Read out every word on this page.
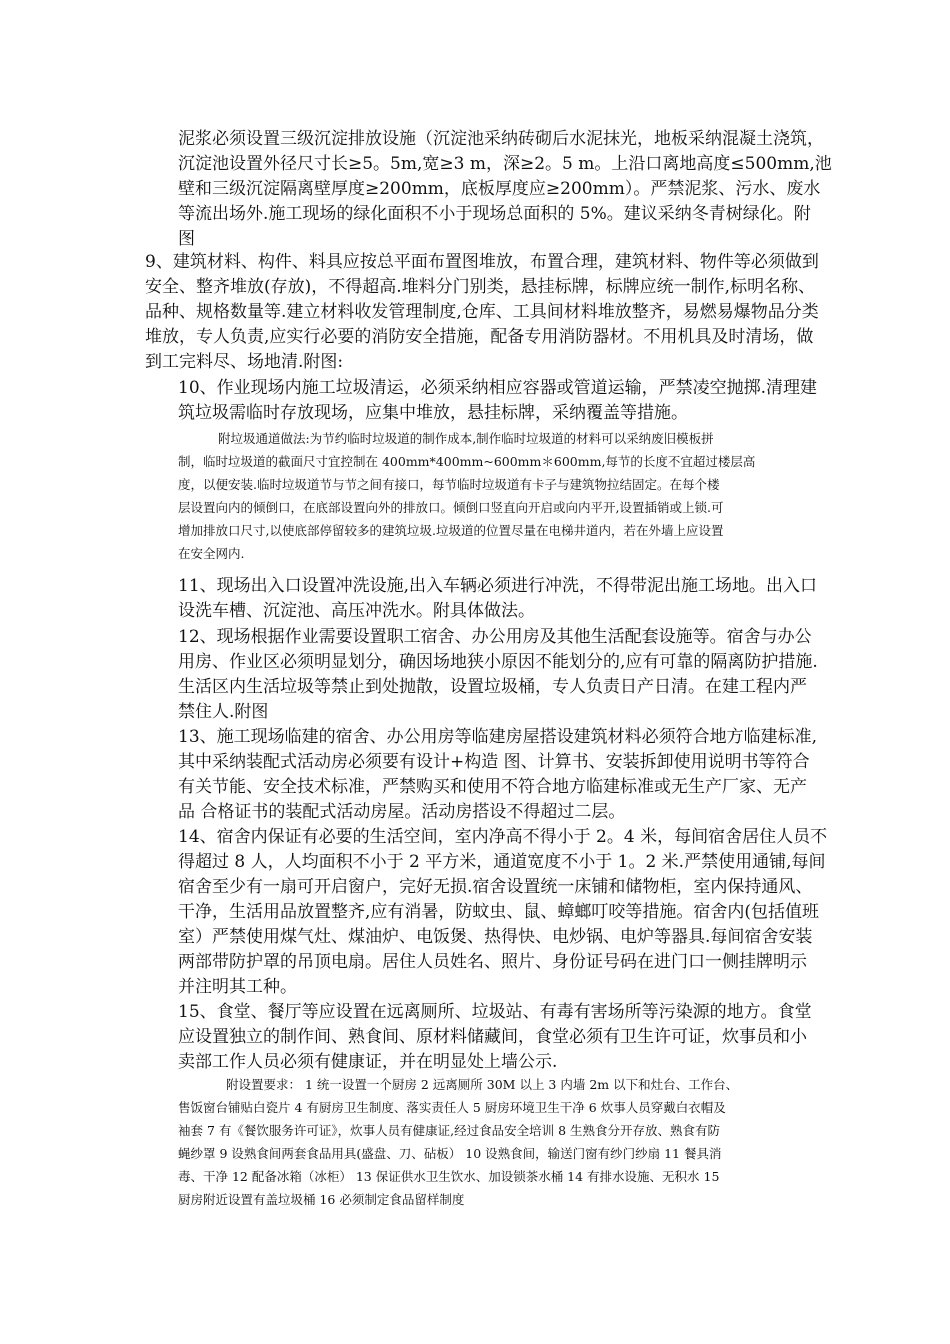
泥浆必须设置三级沉淀排放设施（沉淀池采纳砖砌后水泥抹光，地板采纳混凝土浇筑，
沉淀池设置外径尺寸长≥5。5m,宽≥3 m，深≥2。5 m。上沿口离地高度≤500mm,池
壁和三级沉淀隔离壁厚度≥200mm，底板厚度应≥200mm）。严禁泥浆、污水、废水
等流出场外.施工现场的绿化面积不小于现场总面积的 5%。建议采纳冬青树绿化。附
图
9、建筑材料、构件、料具应按总平面布置图堆放，布置合理，建筑材料、物件等必须做到
安全、整齐堆放(存放)，不得超高.堆料分门别类，悬挂标牌，标牌应统一制作,标明名称、
品种、规格数量等.建立材料收发管理制度,仓库、工具间材料堆放整齐，易燃易爆物品分类
堆放，专人负责,应实行必要的消防安全措施，配备专用消防器材。不用机具及时清场，做
到工完料尽、场地清.附图:
10、作业现场内施工垃圾清运，必须采纳相应容器或管道运输，严禁凌空抛掷.清理建
筑垃圾需临时存放现场，应集中堆放，悬挂标牌，采纳覆盖等措施。
附垃圾通道做法:为节约临时垃圾道的制作成本,制作临时垃圾道的材料可以采纳废旧模板拼
制，临时垃圾道的截面尺寸宜控制在 400mm*400mm~600mm＊600mm,每节的长度不宜超过楼层高
度，以便安装.临时垃圾道节与节之间有接口，每节临时垃圾道有卡子与建筑物拉结固定。在每个楼
层设置向内的倾倒口，在底部设置向外的排放口。倾倒口竖直向开启或向内平开,设置插销或上锁.可
增加排放口尺寸,以使底部停留较多的建筑垃圾.垃圾道的位置尽量在电梯井道内，若在外墙上应设置
在安全网内.
11、现场出入口设置冲洗设施,出入车辆必须进行冲洗，不得带泥出施工场地。出入口
设洗车槽、沉淀池、高压冲洗水。附具体做法。
12、现场根据作业需要设置职工宿舍、办公用房及其他生活配套设施等。宿舍与办公
用房、作业区必须明显划分，确因场地狭小原因不能划分的,应有可靠的隔离防护措施.
生活区内生活垃圾等禁止到处抛散，设置垃圾桶，专人负责日产日清。在建工程内严
禁住人.附图
13、施工现场临建的宿舍、办公用房等临建房屋搭设建筑材料必须符合地方临建标准,
其中采纳装配式活动房必须要有设计+构造 图、计算书、安装拆卸使用说明书等符合
有关节能、安全技术标准，严禁购买和使用不符合地方临建标准或无生产厂家、无产
品 合格证书的装配式活动房屋。活动房搭设不得超过二层。
14、宿舍内保证有必要的生活空间，室内净高不得小于 2。4 米，每间宿舍居住人员不
得超过 8 人，人均面积不小于 2 平方米，通道宽度不小于 1。2 米.严禁使用通铺,每间
宿舍至少有一扇可开启窗户，完好无损.宿舍设置统一床铺和储物柜，室内保持通风、
干净，生活用品放置整齐,应有消暑，防蚊虫、鼠、蟑螂叮咬等措施。宿舍内(包括值班
室）严禁使用煤气灶、煤油炉、电饭煲、热得快、电炒锅、电炉等器具.每间宿舍安装
两部带防护罩的吊顶电扇。居住人员姓名、照片、身份证号码在进门口一侧挂牌明示
并注明其工种。
15、食堂、餐厅等应设置在远离厕所、垃圾站、有毒有害场所等污染源的地方。食堂
应设置独立的制作间、熟食间、原材料储藏间，食堂必须有卫生许可证，炊事员和小
卖部工作人员必须有健康证，并在明显处上墙公示.
附设置要求： 1 统一设置一个厨房 2 远离厕所 30M 以上 3 内墙 2m 以下和灶台、工作台、
售饭窗台铺贴白瓷片 4 有厨房卫生制度、落实责任人 5 厨房环境卫生干净 6 炊事人员穿戴白衣帽及
袖套 7 有《餐饮服务许可证》，炊事人员有健康证,经过食品安全培训 8 生熟食分开存放、熟食有防
蝇纱罩 9 设熟食间两套食品用具(盛盘、刀、砧板） 10 设熟食间，输送门窗有纱门纱扇 11 餐具消
毒、干净 12 配备冰箱（冰柜） 13 保证供水卫生饮水、加设锁茶水桶 14 有排水设施、无积水 15
厨房附近设置有盖垃圾桶 16 必须制定食品留样制度
